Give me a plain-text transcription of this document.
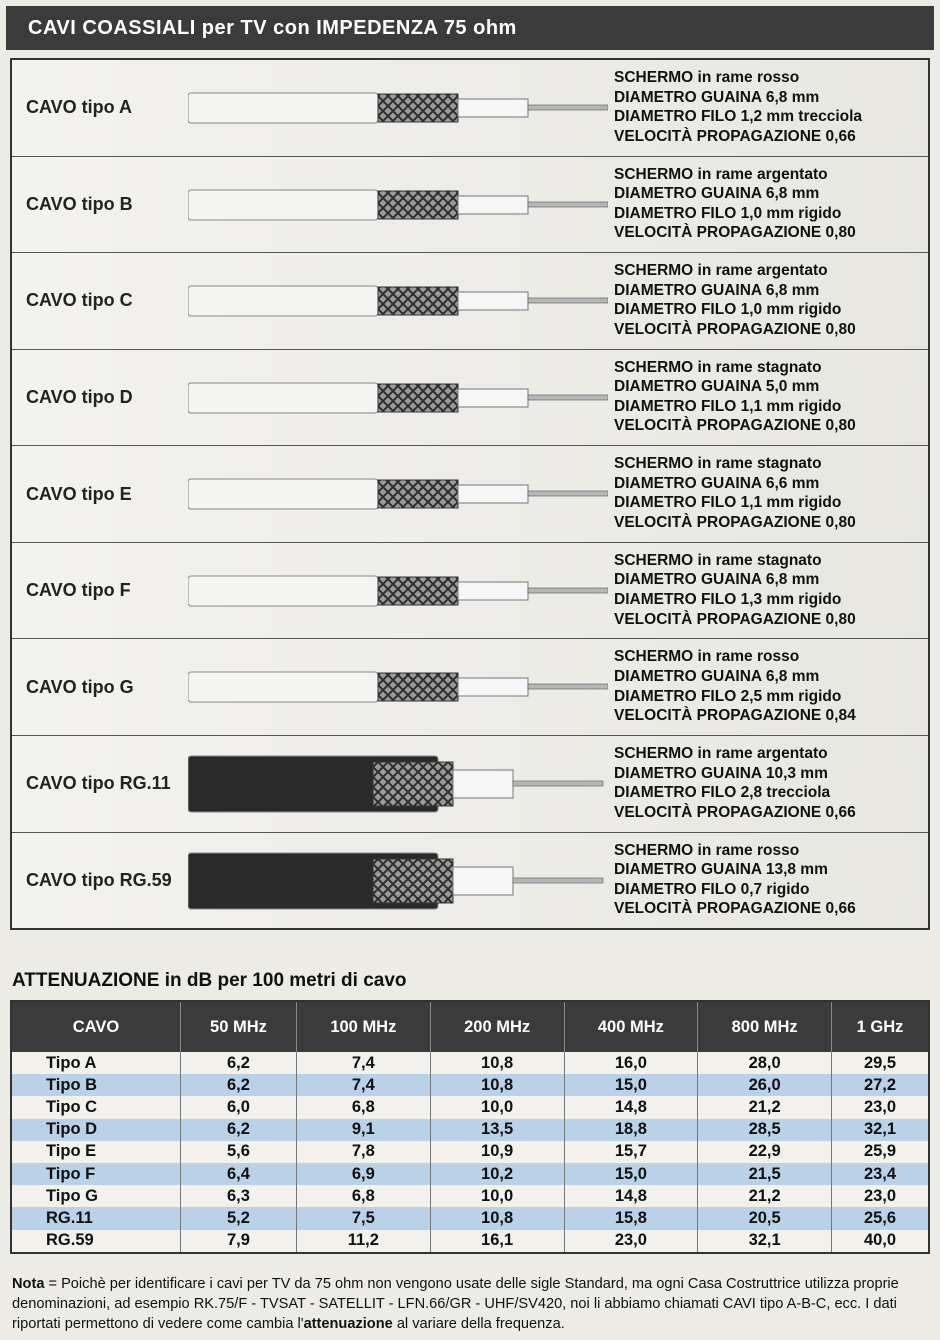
CAVI COASSIALI per TV con IMPEDENZA 75 ohm
CAVO tipo A
SCHERMO in rame rosso
DIAMETRO GUAINA 6,8 mm
DIAMETRO FILO 1,2 mm trecciola
VELOCITÀ PROPAGAZIONE 0,66
CAVO tipo B
SCHERMO in rame argentato
DIAMETRO GUAINA 6,8 mm
DIAMETRO FILO 1,0 mm rigido
VELOCITÀ PROPAGAZIONE 0,80
CAVO tipo C
SCHERMO in rame argentato
DIAMETRO GUAINA 6,8 mm
DIAMETRO FILO 1,0 mm rigido
VELOCITÀ PROPAGAZIONE 0,80
CAVO tipo D
SCHERMO in rame stagnato
DIAMETRO GUAINA 5,0 mm
DIAMETRO FILO 1,1 mm rigido
VELOCITÀ PROPAGAZIONE 0,80
CAVO tipo E
SCHERMO in rame stagnato
DIAMETRO GUAINA 6,6 mm
DIAMETRO FILO 1,1 mm rigido
VELOCITÀ PROPAGAZIONE 0,80
CAVO tipo F
SCHERMO in rame stagnato
DIAMETRO GUAINA 6,8 mm
DIAMETRO FILO 1,3 mm rigido
VELOCITÀ PROPAGAZIONE 0,80
CAVO tipo G
SCHERMO in rame rosso
DIAMETRO GUAINA 6,8 mm
DIAMETRO FILO 2,5 mm rigido
VELOCITÀ PROPAGAZIONE 0,84
CAVO tipo RG.11
SCHERMO in rame argentato
DIAMETRO GUAINA 10,3 mm
DIAMETRO FILO 2,8 trecciola
VELOCITÀ PROPAGAZIONE 0,66
CAVO tipo RG.59
SCHERMO in rame rosso
DIAMETRO GUAINA 13,8 mm
DIAMETRO FILO 0,7 rigido
VELOCITÀ PROPAGAZIONE 0,66
ATTENUAZIONE in dB per 100 metri di cavo
CAVO	50 MHz	100 MHz	200 MHz	400 MHz	800 MHz	1 GHz
Tipo A	6,2	7,4	10,8	16,0	28,0	29,5
Tipo B	6,2	7,4	10,8	15,0	26,0	27,2
Tipo C	6,0	6,8	10,0	14,8	21,2	23,0
Tipo D	6,2	9,1	13,5	18,8	28,5	32,1
Tipo E	5,6	7,8	10,9	15,7	22,9	25,9
Tipo F	6,4	6,9	10,2	15,0	21,5	23,4
Tipo G	6,3	6,8	10,0	14,8	21,2	23,0
RG.11	5,2	7,5	10,8	15,8	20,5	25,6
RG.59	7,9	11,2	16,1	23,0	32,1	40,0
Nota = Poichè per identificare i cavi per TV da 75 ohm non vengono usate delle sigle Standard, ma ogni Casa Costruttrice utilizza proprie denominazioni, ad esempio RK.75/F - TVSAT - SATELLIT - LFN.66/GR - UHF/SV420, noi li abbiamo chiamati CAVI tipo A-B-C, ecc. I dati riportati permettono di vedere come cambia l'attenuazione al variare della frequenza.
